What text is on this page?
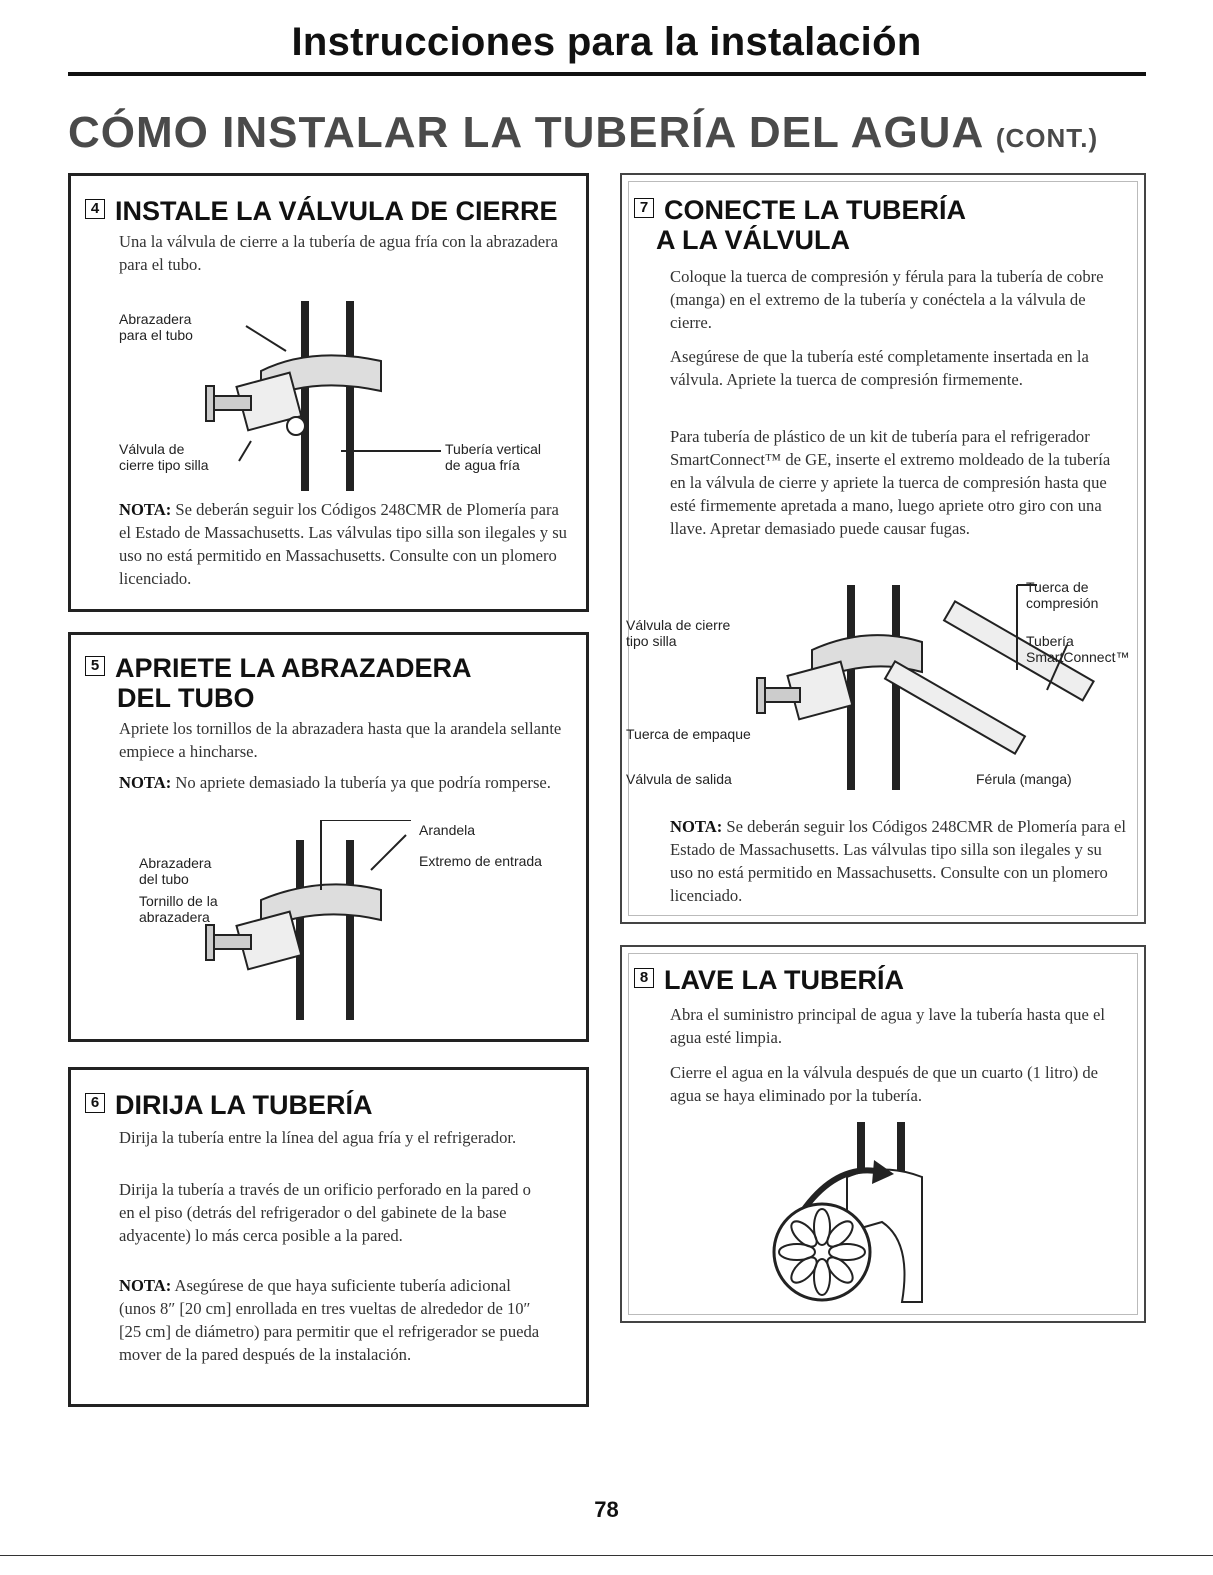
Instrucciones para la instalación
CÓMO INSTALAR LA TUBERÍA DEL AGUA (CONT.)
4 INSTALE LA VÁLVULA DE CIERRE
Una la válvula de cierre a la tubería de agua fría con la abrazadera para el tubo.
Abrazadera
para el tubo
Válvula de
cierre tipo silla
Tubería vertical
de agua fría
NOTA: Se deberán seguir los Códigos 248CMR de Plomería para el Estado de Massachusetts. Las válvulas tipo silla son ilegales y su uso no está permitido en Massachusetts. Consulte con un plomero licenciado.
5 APRIETE LA ABRAZADERA
DEL TUBO
Apriete los tornillos de la abrazadera hasta que la arandela sellante empiece a hincharse.
NOTA: No apriete demasiado la tubería ya que podría romperse.
Arandela
Extremo de entrada
Abrazadera
del tubo
Tornillo de la
abrazadera
6 DIRIJA LA TUBERÍA
Dirija la tubería entre la línea del agua fría y el refrigerador.
Dirija la tubería a través de un orificio perforado en la pared o en el piso (detrás del refrigerador o del gabinete de la base adyacente) lo más cerca posible a la pared.
NOTA: Asegúrese de que haya suficiente tubería adicional (unos 8″ [20 cm] enrollada en tres vueltas de alrededor de 10″ [25 cm] de diámetro) para permitir que el refrigerador se pueda mover de la pared después de la instalación.
7 CONECTE LA TUBERÍA
A LA VÁLVULA
Coloque la tuerca de compresión y férula para la tubería de cobre (manga) en el extremo de la tubería y conéctela a la válvula de cierre.
Asegúrese de que la tubería esté completamente insertada en la válvula. Apriete la tuerca de compresión firmemente.
Para tubería de plástico de un kit de tubería para el refrigerador SmartConnect™ de GE, inserte el extremo moldeado de la tubería en la válvula de cierre y apriete la tuerca de compresión hasta que esté firmemente apretada a mano, luego apriete otro giro con una llave. Apretar demasiado puede causar fugas.
Tuerca de
compresión
Válvula de cierre
tipo silla	Tubería
SmartConnect™
Tuerca de empaque
Válvula de salida	Férula (manga)
NOTA: Se deberán seguir los Códigos 248CMR de Plomería para el Estado de Massachusetts. Las válvulas tipo silla son ilegales y su uso no está permitido en Massachusetts. Consulte con un plomero licenciado.
8 LAVE LA TUBERÍA
Abra el suministro principal de agua y lave la tubería hasta que el agua esté limpia.
Cierre el agua en la válvula después de que un cuarto (1 litro) de agua se haya eliminado por la tubería.
78
